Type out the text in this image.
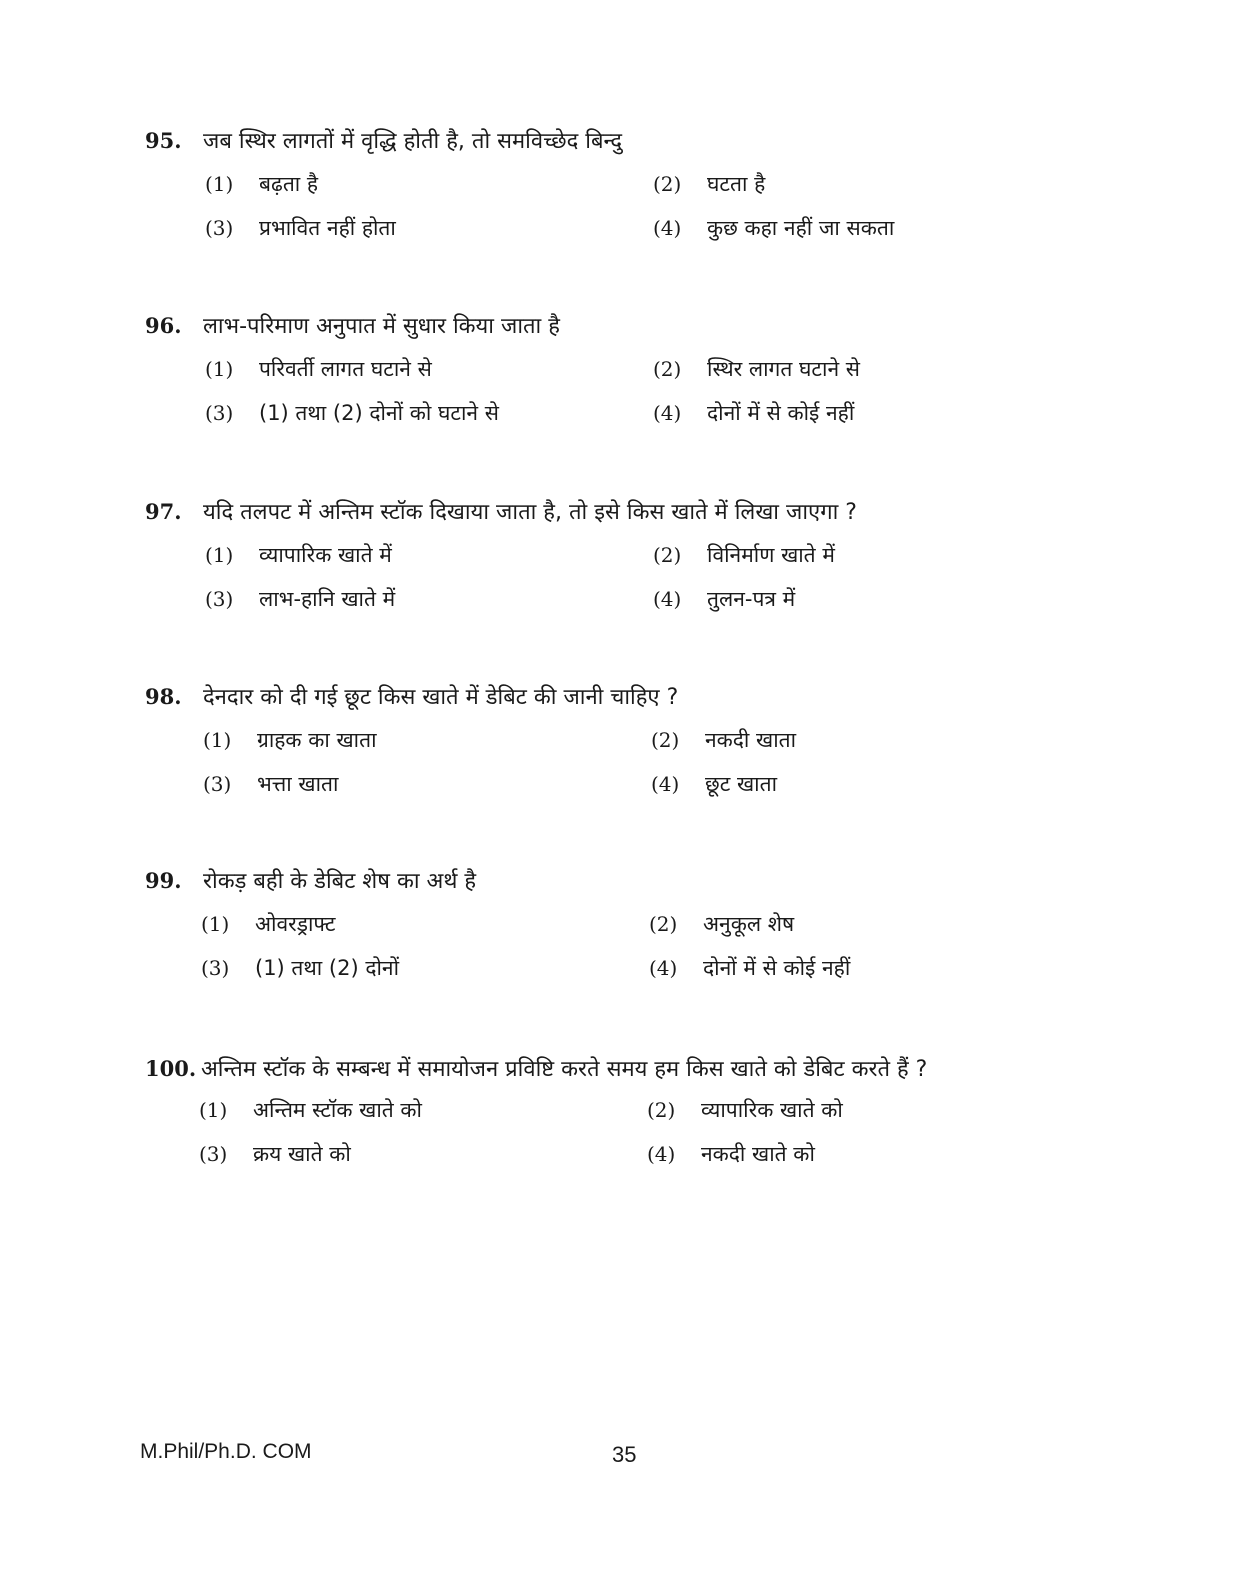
95. जब स्थिर लागतों में वृद्धि होती है, तो समविच्छेद बिन्दु
(1)	बढ़ता है	(2)	घटता है
(3)	प्रभावित नहीं होता	(4)	कुछ कहा नहीं जा सकता
96. लाभ-परिमाण अनुपात में सुधार किया जाता है
(1)	परिवर्ती लागत घटाने से	(2)	स्थिर लागत घटाने से
(3)	(1) तथा (2) दोनों को घटाने से	(4)	दोनों में से कोई नहीं
97. यदि तलपट में अन्तिम स्टॉक दिखाया जाता है, तो इसे किस खाते में लिखा जाएगा ?
(1)	व्यापारिक खाते में	(2)	विनिर्माण खाते में
(3)	लाभ-हानि खाते में	(4)	तुलन-पत्र में
98. देनदार को दी गई छूट किस खाते में डेबिट की जानी चाहिए ?
(1)	ग्राहक का खाता	(2)	नकदी खाता
(3)	भत्ता खाता	(4)	छूट खाता
99. रोकड़ बही के डेबिट शेष का अर्थ है
(1)	ओवरड्राफ्ट	(2)	अनुकूल शेष
(3)	(1) तथा (2) दोनों	(4)	दोनों में से कोई नहीं
100. अन्तिम स्टॉक के सम्बन्ध में समायोजन प्रविष्टि करते समय हम किस खाते को डेबिट करते हैं ?
(1)	अन्तिम स्टॉक खाते को	(2)	व्यापारिक खाते को
(3)	क्रय खाते को	(4)	नकदी खाते को
M.Phil/Ph.D. COM	35
